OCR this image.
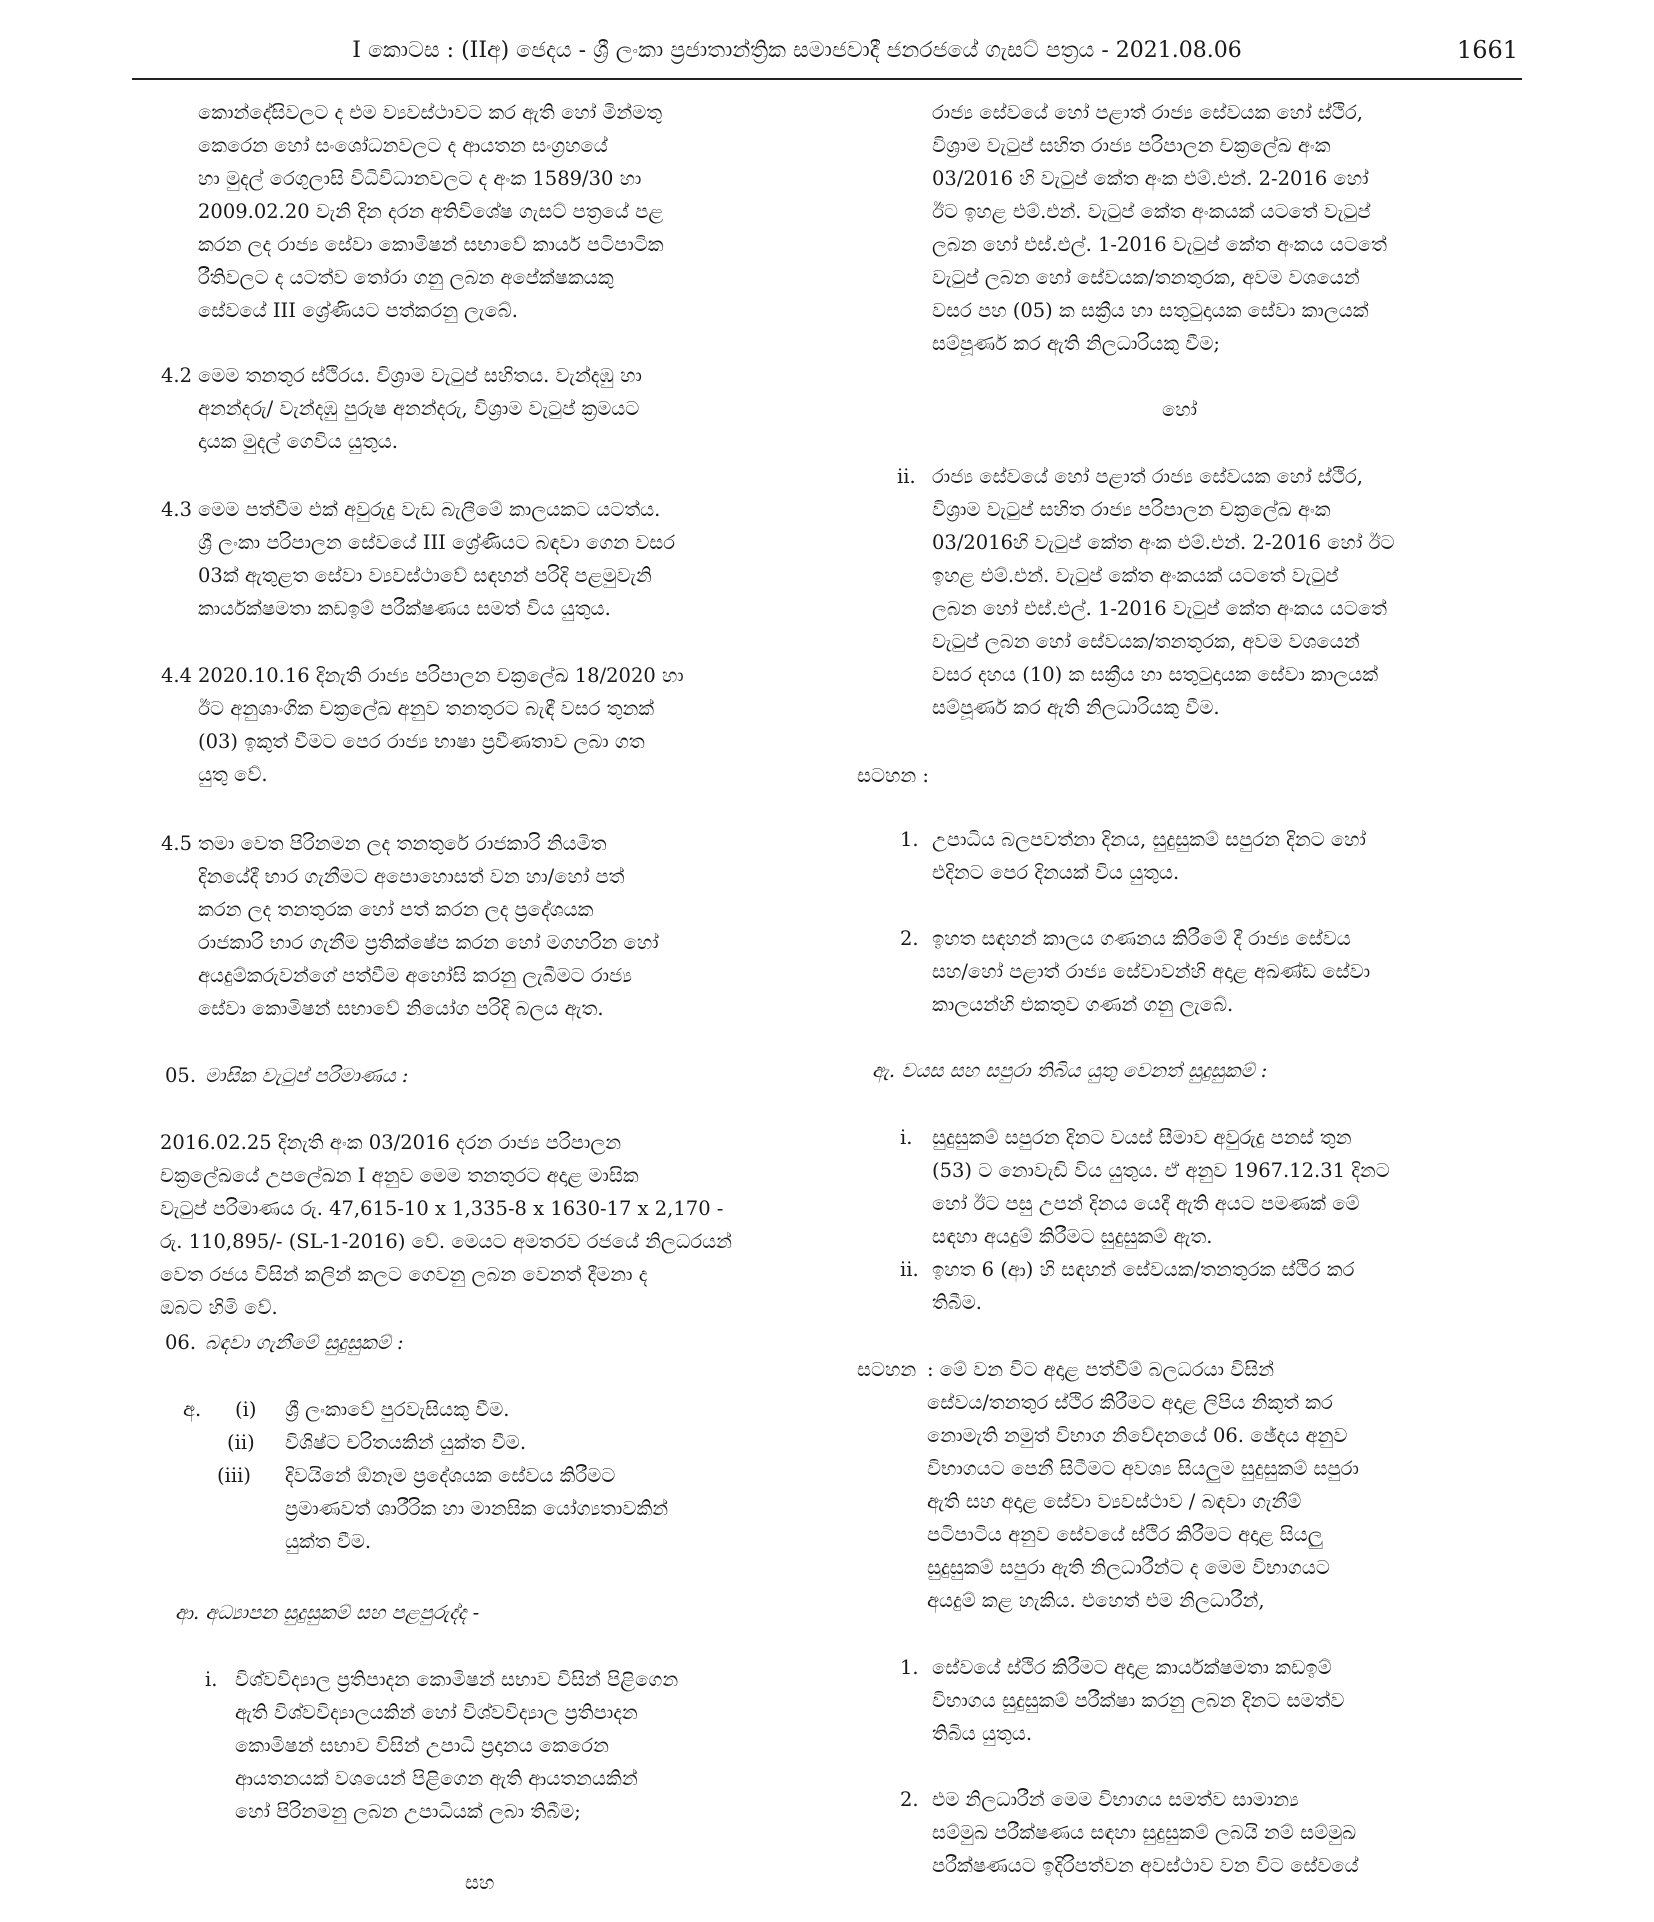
I කොටස : (IIඅ) ජෙදය - ශ්‍රී ලංකා ප්‍රජාතාන්ත්‍රික සමාජවාදී ජනරජයේ ගැසට් පත්‍රය - 2021.08.06	1661
කොන්දේසිවලට ද එම ව්‍යවස්ථාවට කර ඇති හෝ මින්මතු
කෙරෙන හෝ සංශෝධනවලට ද ආයතන සංග්‍රහයේ
හා මුදල් රෙගුලාසි විධිවිධානවලට ද අංක 1589/30 හා
2009.02.20 වැනි දින දරන අතිවිශේෂ ගැසට් පත්‍රයේ පළ
කරන ලද රාජ්‍ය සේවා කොමිෂන් සභාවේ කාර්ය පටිපාටික
රීතිවලට ද යටත්ව තෝරා ගනු ලබන අපේක්ෂකයකු
සේවයේ III ශ්‍රේණියට පත්කරනු ලැබේ.
4.2 මෙම තනතුර ස්ථිරය. විශ්‍රාම වැටුප් සහිතය. වැන්දඹු හා
අනන්දරු/ වැන්දඹු පුරුෂ අනන්දරු, විශ්‍රාම වැටුප් ක්‍රමයට
දායක මුදල් ගෙවිය යුතුය.
4.3 මෙම පත්වීම එක් අවුරුදු වැඩ බැලීමේ කාලයකට යටත්ය.
ශ්‍රී ලංකා පරිපාලන සේවයේ III ශ්‍රේණියට බඳවා ගෙන වසර
03ක් ඇතුළත සේවා ව්‍යවස්ථාවේ සඳහන් පරිදි පළමුවැනි
කාර්යක්ෂමතා කඩඉම් පරීක්ෂණය සමත් විය යුතුය.
4.4 2020.10.16 දිනැති රාජ්‍ය පරිපාලන චක්‍රලේඛ 18/2020 හා
ඊට අනුශාංගික චක්‍රලේඛ අනුව තනතුරට බැඳී වසර තුනක්
(03) ඉකුත් වීමට පෙර රාජ්‍ය භාෂා ප්‍රවීණතාව ලබා ගත
යුතු වේ.
4.5 තමා වෙත පිරිනමන ලද තනතුරේ රාජකාරි නියමිත
දිනයේදී භාර ගැනීමට අපොහොසත් වන හා/හෝ පත්
කරන ලද තනතුරක හෝ පත් කරන ලද ප්‍රදේශයක
රාජකාරි භාර ගැනීම ප්‍රතික්ෂේප කරන හෝ මගහරින හෝ
අයදුම්කරුවන්ගේ පත්වීම අහෝසි කරනු ලැබීමට රාජ්‍ය
සේවා කොමිෂන් සභාවේ නියෝග පරිදි බලය ඇත.
05. මාසික වැටුප් පරිමාණය :
2016.02.25 දිනැති අංක 03/2016 දරන රාජ්‍ය පරිපාලන
චක්‍රලේඛයේ උපලේඛන I අනුව මෙම තනතුරට අදාළ මාසික
වැටුප් පරිමාණය රු. 47,615-10 x 1,335-8 x 1630-17 x 2,170 -
රු. 110,895/- (SL-1-2016) වේ. මෙයට අමතරව රජයේ නිලධරයන්
වෙත රජය විසින් කලින් කලට ගෙවනු ලබන වෙනත් දීමනා ද
ඔබට හිමි වේ.
06. බඳවා ගැනීමේ සුදුසුකම් :
අ. (i) ශ්‍රී ලංකාවේ පුරවැසියකු වීම.
(ii) විශිෂ්ට චරිතයකින් යුක්ත වීම.
(iii) දිවයිනේ ඕනෑම ප්‍රදේශයක සේවය කිරීමට
ප්‍රමාණවත් ශාරීරික හා මානසික යෝග්‍යතාවකින්
යුක්ත වීම.
ආ. අධ්‍යාපන සුදුසුකම් සහ පළපුරුද්ද -
i. විශ්වවිද්‍යාල ප්‍රතිපාදන කොමිෂන් සභාව විසින් පිළිගෙන
ඇති විශ්වවිද්‍යාලයකින් හෝ විශ්වවිද්‍යාල ප්‍රතිපාදන
කොමිෂන් සභාව විසින් උපාධි ප්‍රදානය කෙරෙන
ආයතනයක් වශයෙන් පිළිගෙන ඇති ආයතනයකින්
හෝ පිරිනමනු ලබන උපාධියක් ලබා තිබීම;
සහ
රාජ්‍ය සේවයේ හෝ පළාත් රාජ්‍ය සේවයක හෝ ස්ථිර,
විශ්‍රාම වැටුප් සහිත රාජ්‍ය පරිපාලන චක්‍රලේඛ අංක
03/2016 හි වැටුප් කේත අංක එම්.එන්. 2-2016 හෝ
ඊට ඉහළ එම්.එන්. වැටුප් කේත අංකයක් යටතේ වැටුප්
ලබන හෝ එස්.එල්. 1-2016 වැටුප් කේත අංකය යටතේ
වැටුප් ලබන හෝ සේවයක/තනතුරක, අවම වශයෙන්
වසර පහ (05) ක සක්‍රීය හා සතුටුදායක සේවා කාලයක්
සම්පූර්ණ කර ඇති නිලධාරියකු වීම;
හෝ
ii. රාජ්‍ය සේවයේ හෝ පළාත් රාජ්‍ය සේවයක හෝ ස්ථිර,
විශ්‍රාම වැටුප් සහිත රාජ්‍ය පරිපාලන චක්‍රලේඛ අංක
03/2016හි වැටුප් කේත අංක එම්.එන්. 2-2016 හෝ ඊට
ඉහළ එම්.එන්. වැටුප් කේත අංකයක් යටතේ වැටුප්
ලබන හෝ එස්.එල්. 1-2016 වැටුප් කේත අංකය යටතේ
වැටුප් ලබන හෝ සේවයක/තනතුරක, අවම වශයෙන්
වසර දහය (10) ක සක්‍රීය හා සතුටුදායක සේවා කාලයක්
සම්පූර්ණ කර ඇති නිලධාරියකු වීම.
සටහන :
1. උපාධිය බලපවත්නා දිනය, සුදුසුකම් සපුරන දිනට හෝ
එදිනට පෙර දිනයක් විය යුතුය.
2. ඉහත සඳහන් කාලය ගණනය කිරීමේ දී රාජ්‍ය සේවය
සහ/හෝ පළාත් රාජ්‍ය සේවාවන්හි අදාළ අඛණ්ඩ සේවා
කාලයන්හි එකතුව ගණන් ගනු ලැබේ.
ඇ. වයස සහ සපුරා තිබිය යුතු වෙනත් සුදුසුකම් :
i. සුදුසුකම් සපුරන දිනට වයස් සීමාව අවුරුදු පනස් තුන
(53) ට නොවැඩි විය යුතුය. ඒ අනුව 1967.12.31 දිනට
හෝ ඊට පසු උපන් දිනය යෙදී ඇති අයට පමණක් මේ
සඳහා අයදුම් කිරීමට සුදුසුකම් ඇත.
ii. ඉහත 6 (ආ) හි සඳහන් සේවයක/තනතුරක ස්ථිර කර
තිබීම.
සටහන : මේ වන විට අදාළ පත්වීම් බලධරයා විසින්
සේවය/තනතුර ස්ථිර කිරීමට අදාළ ලිපිය නිකුත් කර
නොමැති නමුත් විභාග නිවේදනයේ 06. ඡේදය අනුව
විභාගයට පෙනී සිටීමට අවශ්‍ය සියලුම සුදුසුකම් සපුරා
ඇති සහ අදාළ සේවා ව්‍යවස්ථාව / බඳවා ගැනීම්
පටිපාටිය අනුව සේවයේ ස්ථිර කිරීමට අදාළ සියලු
සුදුසුකම් සපුරා ඇති නිලධාරීන්ට ද මෙම විභාගයට
අයදුම් කළ හැකිය. එහෙත් එම නිලධාරීන්,
1. සේවයේ ස්ථිර කිරීමට අදාළ කාර්යක්ෂමතා කඩඉම්
විභාගය සුදුසුකම් පරීක්ෂා කරනු ලබන දිනට සමත්ව
තිබිය යුතුය.
2. එම නිලධාරීන් මෙම විභාගය සමත්ව සාමාන්‍ය
සම්මුඛ පරීක්ෂණය සඳහා සුදුසුකම් ලබයි නම් සම්මුඛ
පරීක්ෂණයට ඉදිරිපත්වන අවස්ථාව වන විට සේවයේ
